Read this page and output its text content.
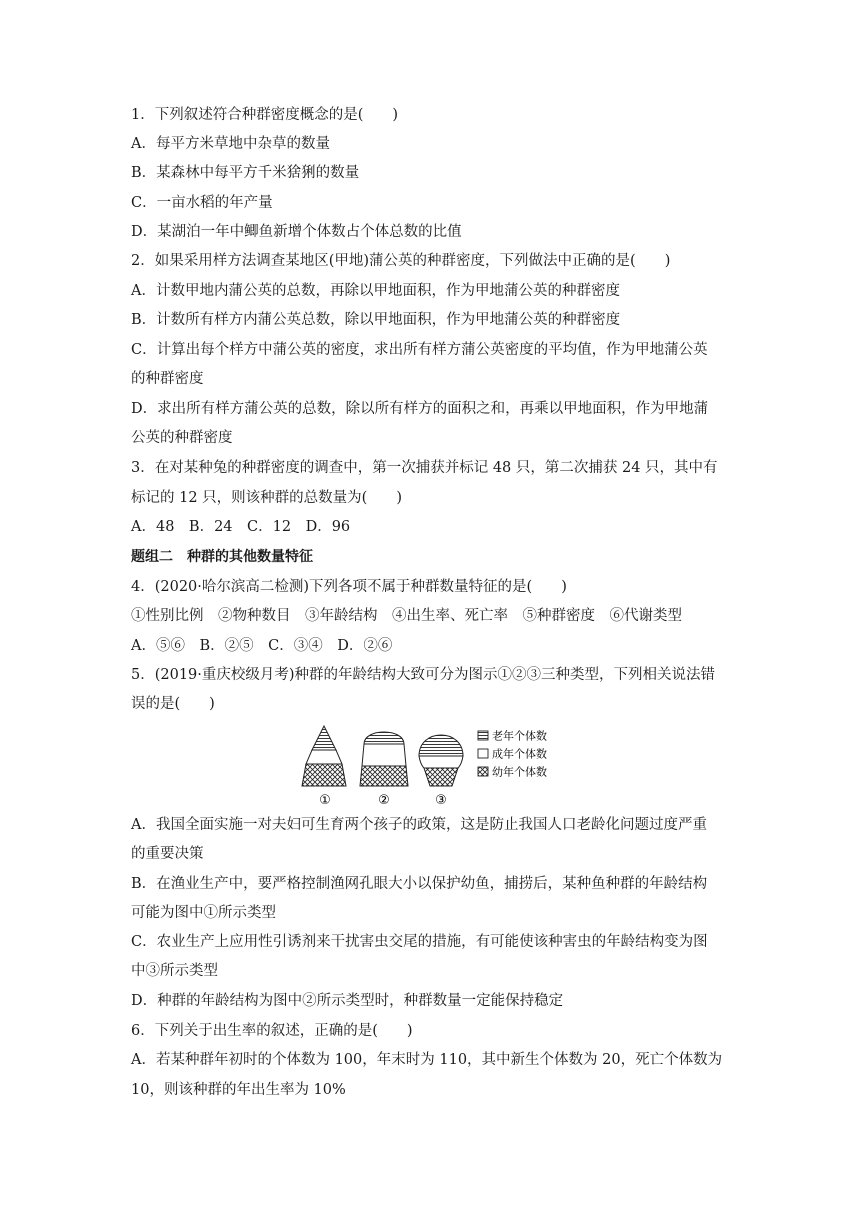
1．下列叙述符合种群密度概念的是(　　)
A．每平方米草地中杂草的数量
B．某森林中每平方千米猞猁的数量
C．一亩水稻的年产量
D．某湖泊一年中鲫鱼新增个体数占个体总数的比值
2．如果采用样方法调查某地区(甲地)蒲公英的种群密度，下列做法中正确的是(　　)
A．计数甲地内蒲公英的总数，再除以甲地面积，作为甲地蒲公英的种群密度
B．计数所有样方内蒲公英总数，除以甲地面积，作为甲地蒲公英的种群密度
C．计算出每个样方中蒲公英的密度，求出所有样方蒲公英密度的平均值，作为甲地蒲公英
的种群密度
D．求出所有样方蒲公英的总数，除以所有样方的面积之和，再乘以甲地面积，作为甲地蒲
公英的种群密度
3．在对某种兔的种群密度的调查中，第一次捕获并标记 48 只，第二次捕获 24 只，其中有
标记的 12 只，则该种群的总数量为(　　)
A．48　B．24　C．12　D．96
题组二　种群的其他数量特征
4．(2020·哈尔滨高二检测)下列各项不属于种群数量特征的是(　　)
①性别比例　②物种数目　③年龄结构　④出生率、死亡率　⑤种群密度　⑥代谢类型
A．⑤⑥　B．②⑤　C．③④　D．②⑥
5．(2019·重庆校级月考)种群的年龄结构大致可分为图示①②③三种类型，下列相关说法错
误的是(　　)
①	②	③
老年个体数
成年个体数
幼年个体数
A．我国全面实施一对夫妇可生育两个孩子的政策，这是防止我国人口老龄化问题过度严重
的重要决策
B．在渔业生产中，要严格控制渔网孔眼大小以保护幼鱼，捕捞后，某种鱼种群的年龄结构
可能为图中①所示类型
C．农业生产上应用性引诱剂来干扰害虫交尾的措施，有可能使该种害虫的年龄结构变为图
中③所示类型
D．种群的年龄结构为图中②所示类型时，种群数量一定能保持稳定
6．下列关于出生率的叙述，正确的是(　　)
A．若某种群年初时的个体数为 100，年末时为 110，其中新生个体数为 20，死亡个体数为
10，则该种群的年出生率为 10%
